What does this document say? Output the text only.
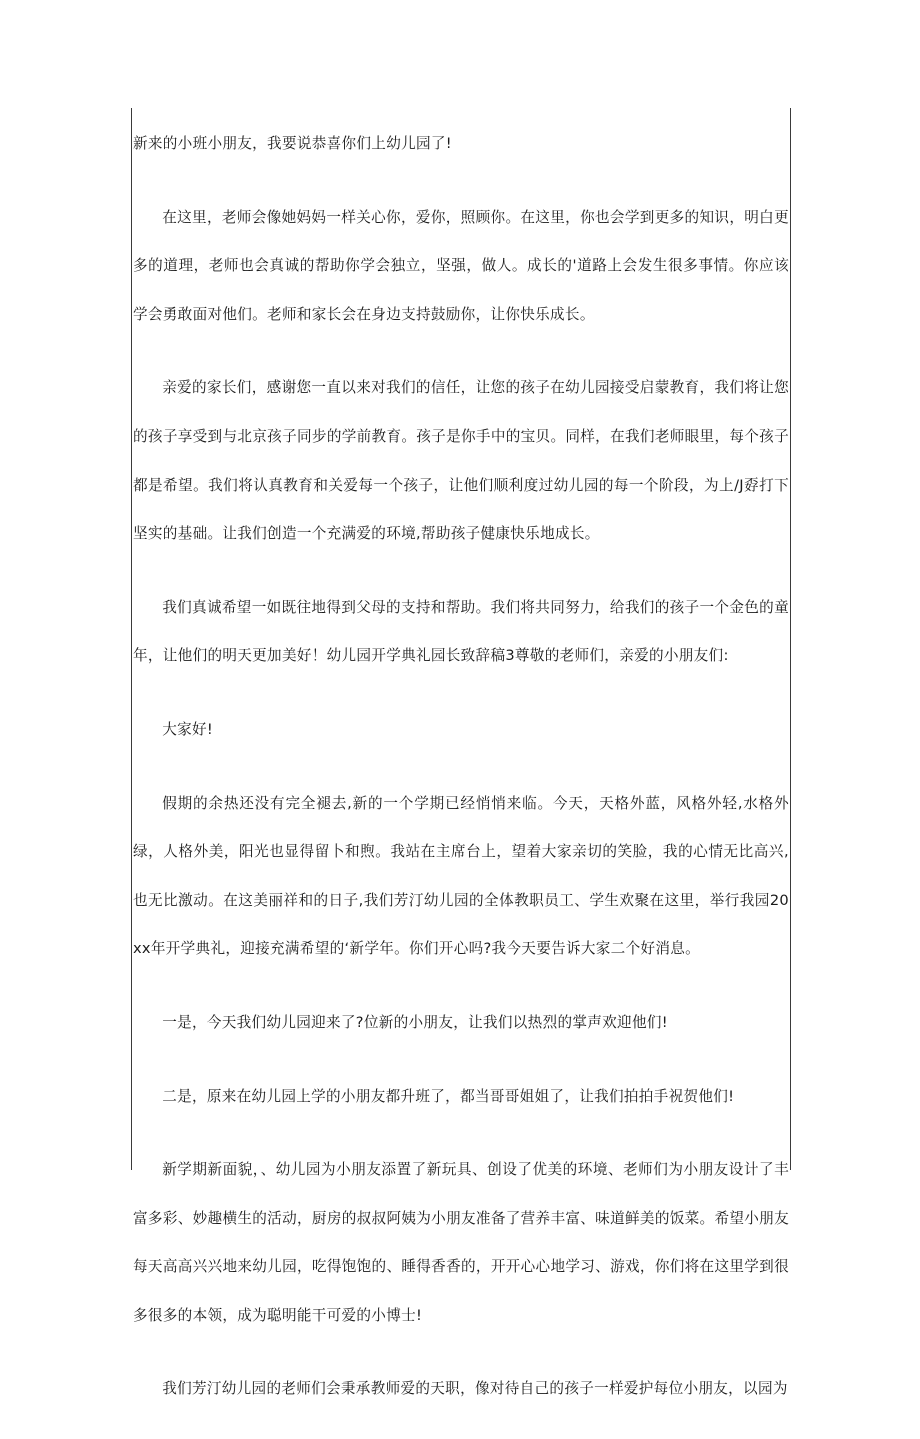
新来的小班小朋友，我要说恭喜你们上幼儿园了!

在这里，老师会像她妈妈一样关心你，爱你，照顾你。在这里，你也会学到更多的知识，明白更多的道理，老师也会真诚的帮助你学会独立，坚强，做人。成长的'道路上会发生很多事情。你应该学会勇敢面对他们。老师和家长会在身边支持鼓励你，让你快乐成长。

亲爱的家长们，感谢您一直以来对我们的信任，让您的孩子在幼儿园接受启蒙教育，我们将让您的孩子享受到与北京孩子同步的学前教育。孩子是你手中的宝贝。同样，在我们老师眼里，每个孩子都是希望。我们将认真教育和关爱每一个孩子，让他们顺利度过幼儿园的每一个阶段，为上/J孬打下坚实的基础。让我们创造一个充满爱的环境,帮助孩子健康快乐地成长。

我们真诚希望一如既往地得到父母的支持和帮助。我们将共同努力，给我们的孩子一个金色的童年，让他们的明天更加美好！幼儿园开学典礼园长致辞稿3尊敬的老师们，亲爱的小朋友们:

大家好!

假期的余热还没有完全褪去,新的一个学期已经悄悄来临。今天，天格外蓝，风格外轻,水格外绿，人格外美，阳光也显得留卜和煦。我站在主席台上，望着大家亲切的笑脸，我的心情无比高兴,也无比激动。在这美丽祥和的日子,我们芳汀幼儿园的全体教职员工、学生欢聚在这里，举行我园20xx年开学典礼，迎接充满希望的‘新学年。你们开心吗?我今天要告诉大家二个好消息。

一是，今天我们幼儿园迎来了?位新的小朋友，让我们以热烈的掌声欢迎他们!

二是，原来在幼儿园上学的小朋友都升班了，都当哥哥姐姐了，让我们拍拍手祝贺他们!

新学期新面貌，、幼儿园为小朋友添置了新玩具、创设了优美的环境、老师们为小朋友设计了丰富多彩、妙趣横生的活动，厨房的叔叔阿姨为小朋友准备了营养丰富、味道鲜美的饭菜。希望小朋友每天高高兴兴地来幼儿园，吃得饱饱的、睡得香香的，开开心心地学习、游戏，你们将在这里学到很多很多的本领，成为聪明能干可爱的小博士!

我们芳汀幼儿园的老师们会秉承教师爱的天职，像对待自己的孩子一样爱护每位小朋友，以园为
